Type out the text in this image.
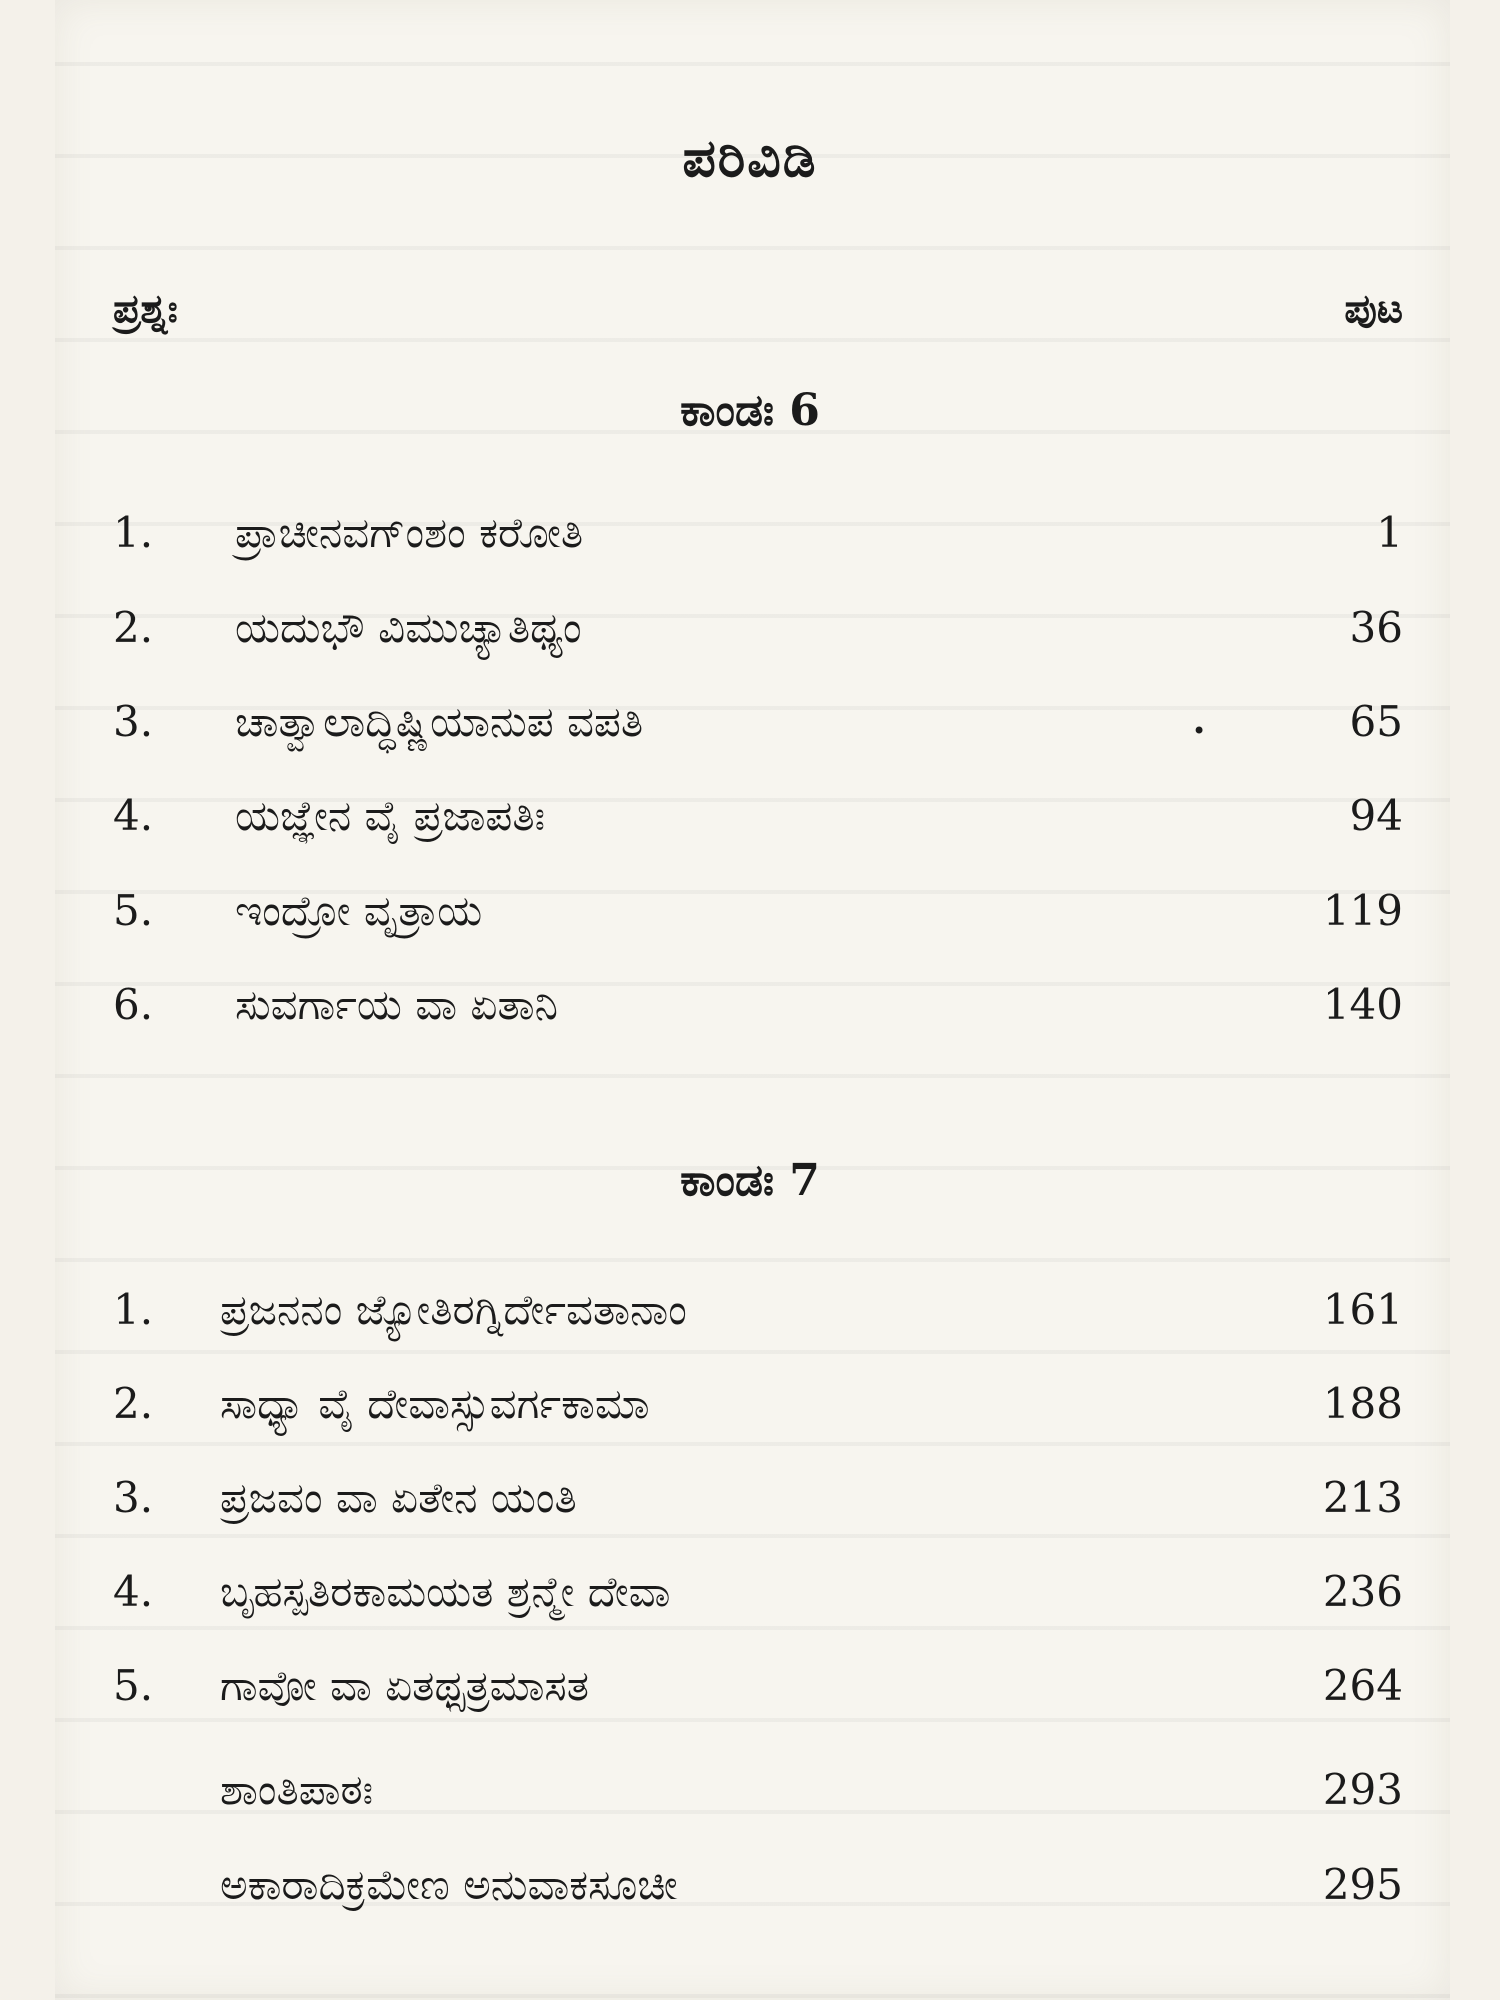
ಪರಿವಿಡಿ
ಪ್ರಶ್ನಃ	ಪುಟ
ಕಾಂಡಃ 6
1. ಪ್ರಾಚೀನವಗ್ಂಶಂ ಕರೋತಿ	1
2. ಯದುಭೌ ವಿಮುಚ್ಯಾತಿಥ್ಯಂ	36
3. ಚಾತ್ವಾಲಾದ್ಧಿಷ್ಣಿಯಾನುಪ ವಪತಿ	65
4. ಯಜ್ಞೇನ ವೈ ಪ್ರಜಾಪತಿಃ	94
5. ಇಂದ್ರೋ ವೃತ್ರಾಯ	119
6. ಸುವರ್ಗಾಯ ವಾ ಏತಾನಿ	140
ಕಾಂಡಃ 7
1. ಪ್ರಜನನಂ ಜ್ಯೋತಿರಗ್ನಿರ್ದೇವತಾನಾಂ	161
2. ಸಾಧ್ಯಾ ವೈ ದೇವಾಸ್ಸುವರ್ಗಕಾಮಾ	188
3. ಪ್ರಜವಂ ವಾ ಏತೇನ ಯಂತಿ	213
4. ಬೃಹಸ್ಪತಿರಕಾಮಯತ ಶ್ರನ್ಮೇ ದೇವಾ	236
5. ಗಾವೋ ವಾ ಏತಥ್ಸತ್ರಮಾಸತ	264
ಶಾಂತಿಪಾಠಃ	293
ಅಕಾರಾದಿಕ್ರಮೇಣ ಅನುವಾಕಸೂಚೀ	295
•
